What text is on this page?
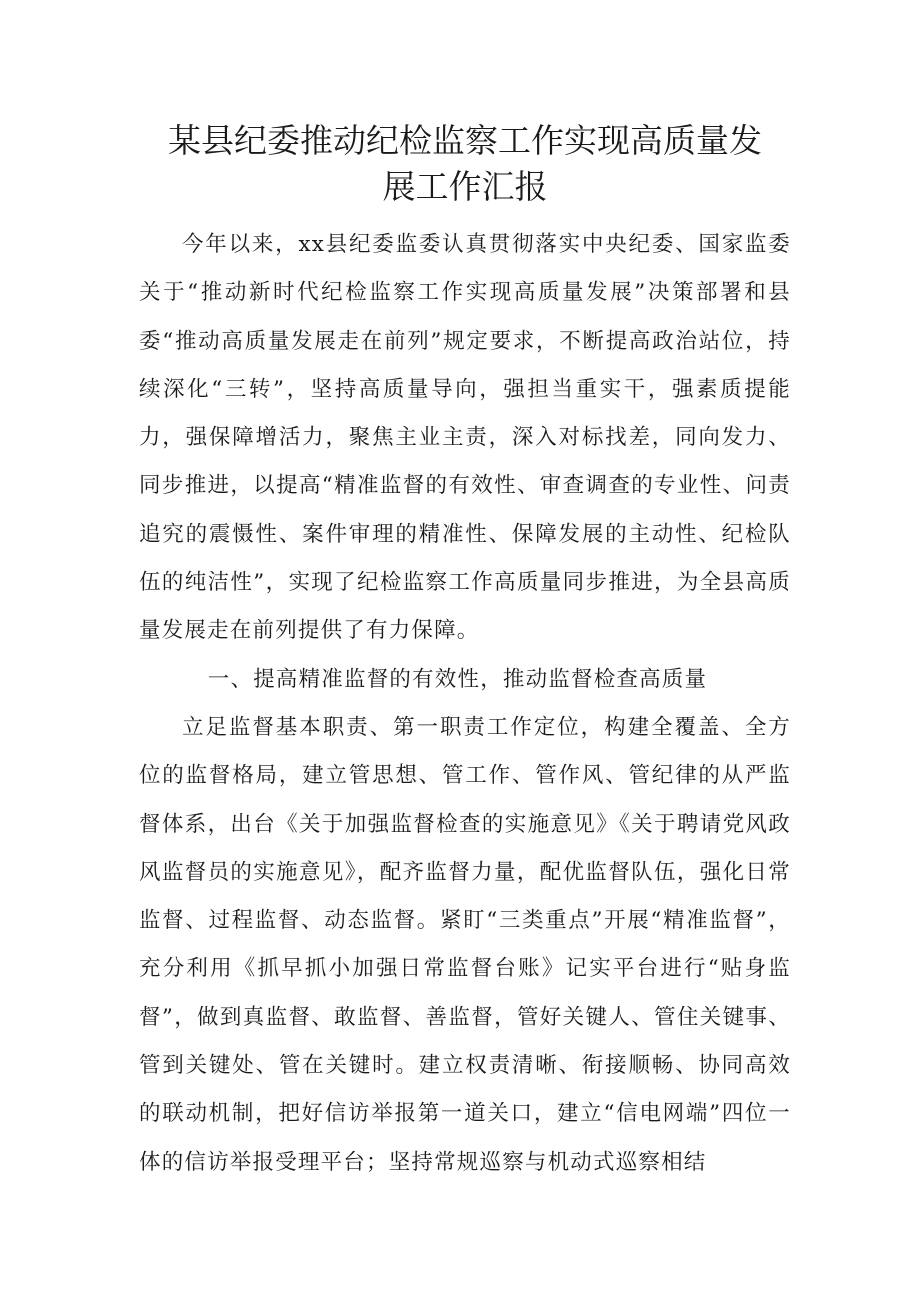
某县纪委推动纪检监察工作实现高质量发
展工作汇报

今年以来，xx县纪委监委认真贯彻落实中央纪委、国家监委关于“推动新时代纪检监察工作实现高质量发展”决策部署和县委“推动高质量发展走在前列”规定要求，不断提高政治站位，持续深化“三转”，坚持高质量导向，强担当重实干，强素质提能力，强保障增活力，聚焦主业主责，深入对标找差，同向发力、同步推进，以提高“精准监督的有效性、审查调查的专业性、问责追究的震慑性、案件审理的精准性、保障发展的主动性、纪检队伍的纯洁性”，实现了纪检监察工作高质量同步推进，为全县高质量发展走在前列提供了有力保障。

一、提高精准监督的有效性，推动监督检查高质量

立足监督基本职责、第一职责工作定位，构建全覆盖、全方位的监督格局，建立管思想、管工作、管作风、管纪律的从严监督体系，出台《关于加强监督检查的实施意见》《关于聘请党风政风监督员的实施意见》，配齐监督力量，配优监督队伍，强化日常监督、过程监督、动态监督。紧盯“三类重点”开展“精准监督”，充分利用《抓早抓小加强日常监督台账》记实平台进行“贴身监督”，做到真监督、敢监督、善监督，管好关键人、管住关键事、管到关键处、管在关键时。建立权责清晰、衔接顺畅、协同高效的联动机制，把好信访举报第一道关口，建立“信电网端”四位一体的信访举报受理平台；坚持常规巡察与机动式巡察相结
